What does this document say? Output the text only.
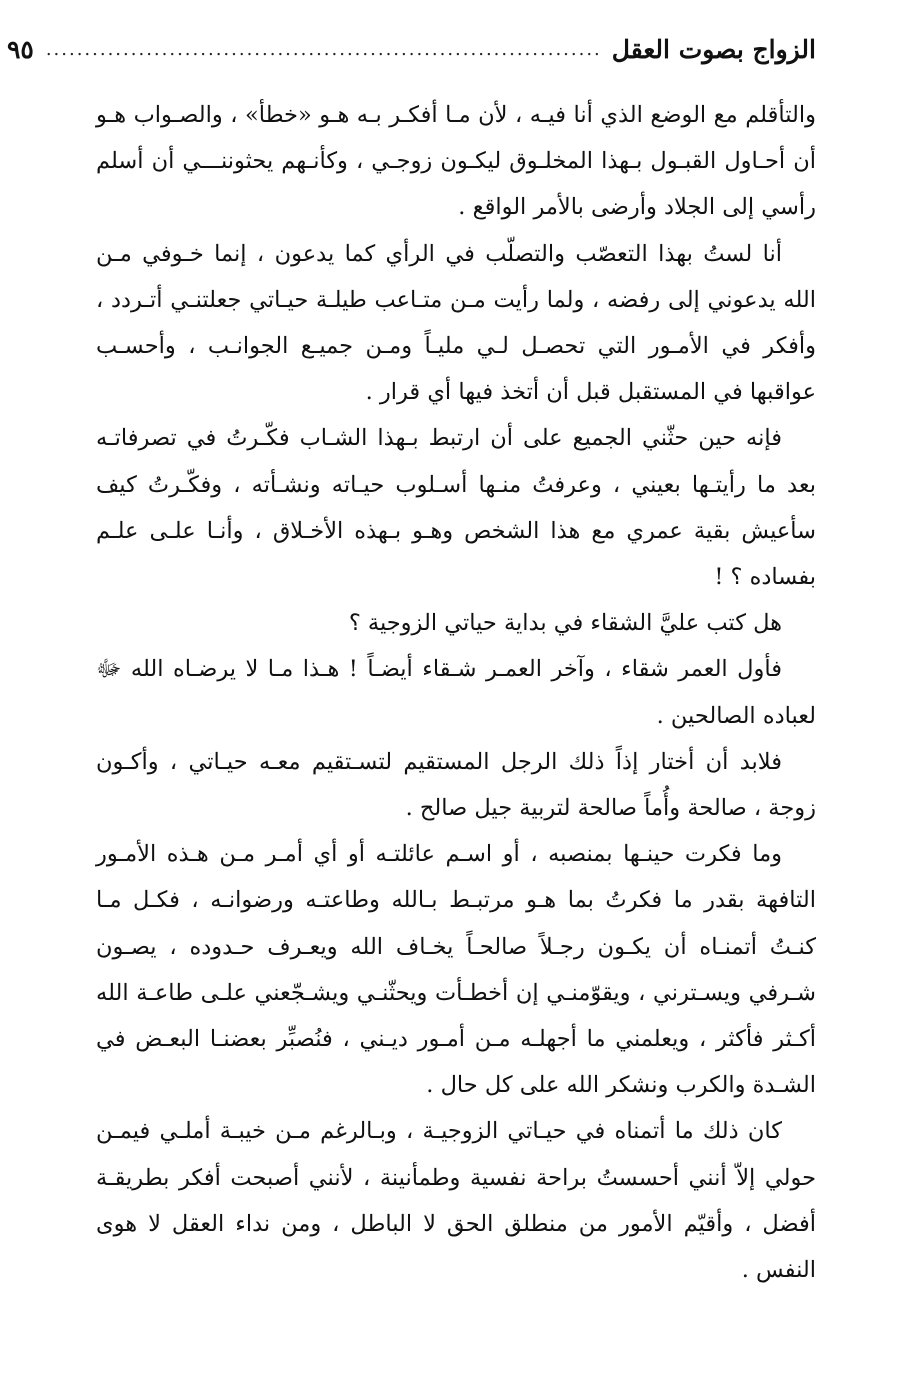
الزواج بصوت العقل
........................................................................
٩٥

والتأقلم مع الوضع الذي أنا فيـه ، لأن مـا أفكـر بـه هـو «خطأ» ، والصـواب هـو أن أحـاول القبـول بـهذا المخلـوق ليكـون زوجـي ، وكأنـهم يحثوننـــي أن أسلم رأسي إلى الجلاد وأرضى بالأمر الواقع .

أنا لستُ بهذا التعصّب والتصلّب في الرأي كما يدعون ، إنما خـوفي مـن الله يدعوني إلى رفضه ، ولما رأيت مـن متـاعب طيلـة حيـاتي جعلتنـي أتـردد ، وأفكر في الأمـور التي تحصـل لـي مليـاً ومـن جميـع الجوانـب ، وأحسـب عواقبها في المستقبل قبل أن أتخذ فيها أي قرار .

فإنه حين حثّني الجميع على أن ارتبط بـهذا الشـاب فكّـرتُ في تصرفاتـه بعد ما رأيتـها بعيني ، وعرفتُ منـها أسـلوب حيـاته ونشـأته ، وفكّـرتُ كيف سأعيش بقية عمري مع هذا الشخص وهـو بـهذه الأخـلاق ، وأنـا علـى علـم بفساده ؟ !

هل كتب عليَّ الشقاء في بداية حياتي الزوجية ؟

فأول العمر شقاء ، وآخر العمـر شـقاء أيضـاً ! هـذا مـا لا يرضـاه الله ﷻ لعباده الصالحين .

فلابد أن أختار إذاً ذلك الرجل المستقيم لتسـتقيم معـه حيـاتي ، وأكـون زوجة ، صالحة وأُماً صالحة لتربية جيل صالح .

وما فكرت حينـها بمنصبه ، أو اسـم عائلتـه أو أي أمـر مـن هـذه الأمـور التافهة بقدر ما فكرتُ بما هـو مرتبـط بـالله وطاعتـه ورضوانـه ، فكـل مـا كنـتُ أتمنـاه أن يكـون رجـلاً صالحـاً يخـاف الله ويعـرف حـدوده ، يصـون شـرفي ويسـترني ، ويقوّمنـي إن أخطـأت ويحثّنـي ويشـجّعني علـى طاعـة الله أكـثر فأكثر ، ويعلمني ما أجهلـه مـن أمـور ديـني ، فنُصبِّر بعضنـا البعـض في الشـدة والكرب ونشكر الله على كل حال .

كان ذلك ما أتمناه في حيـاتي الزوجيـة ، وبـالرغم مـن خيبـة أملـي فيمـن حولي إلاّ أنني أحسستُ براحة نفسية وطمأنينة ، لأنني أصبحت أفكر بطريقـة أفضل ، وأقيّم الأمور من منطلق الحق لا الباطل ، ومن نداء العقل لا هوى النفس .
